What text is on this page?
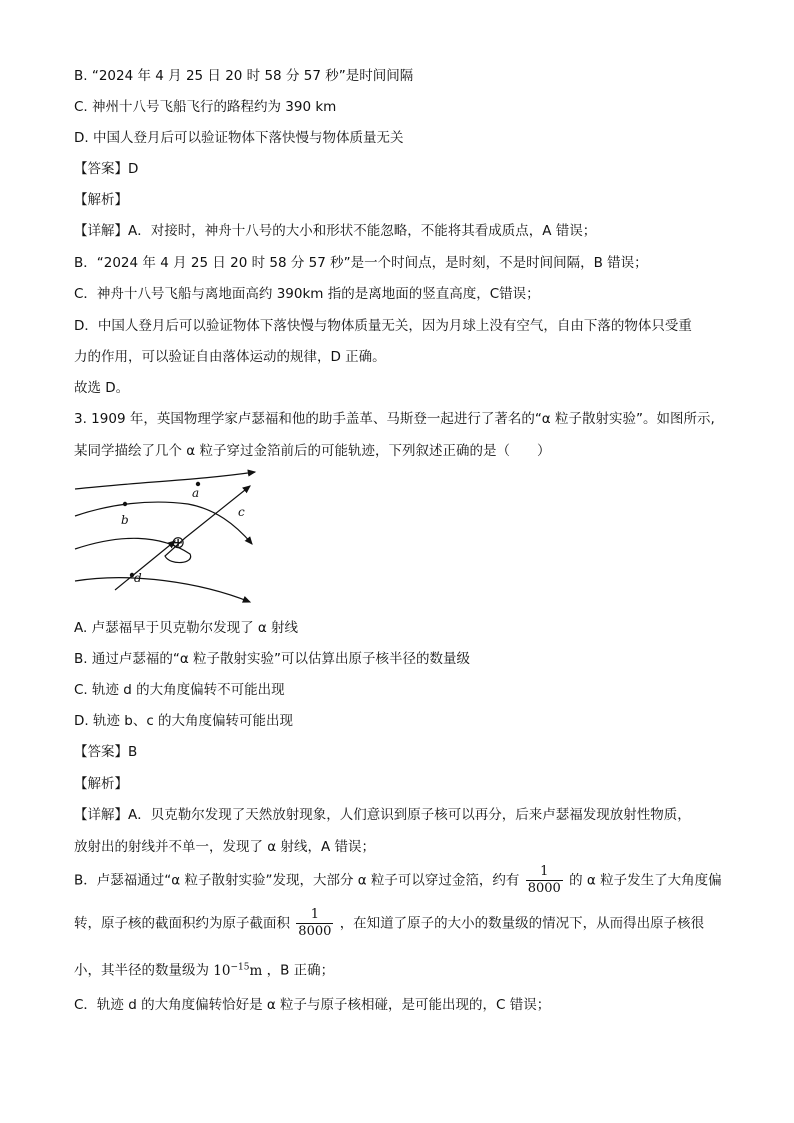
B. “2024 年 4 月 25 日 20 时 58 分 57 秒”是时间间隔
C. 神州十八号飞船飞行的路程约为 390 km
D. 中国人登月后可以验证物体下落快慢与物体质量无关
【答案】D
【解析】
【详解】A．对接时，神舟十八号的大小和形状不能忽略，不能将其看成质点，A 错误；
B．“2024 年 4 月 25 日 20 时 58 分 57 秒”是一个时间点，是时刻，不是时间间隔，B 错误；
C．神舟十八号飞船与离地面高约 390km 指的是离地面的竖直高度，C错误；
D．中国人登月后可以验证物体下落快慢与物体质量无关，因为月球上没有空气，自由下落的物体只受重
力的作用，可以验证自由落体运动的规律，D 正确。
故选 D。
3. 1909 年，英国物理学家卢瑟福和他的助手盖革、马斯登一起进行了著名的“α 粒子散射实验”。如图所示,
某同学描绘了几个 α 粒子穿过金箔前后的可能轨迹，下列叙述正确的是（　　）
a
b
c
d
⊕
A. 卢瑟福早于贝克勒尔发现了 α 射线
B. 通过卢瑟福的“α 粒子散射实验”可以估算出原子核半径的数量级
C. 轨迹 d 的大角度偏转不可能出现
D. 轨迹 b、c 的大角度偏转可能出现
【答案】B
【解析】
【详解】A．贝克勒尔发现了天然放射现象，人们意识到原子核可以再分，后来卢瑟福发现放射性物质，
放射出的射线并不单一，发现了 α 射线，A 错误；
B．卢瑟福通过“α 粒子散射实验”发现，大部分 α 粒子可以穿过金箔，约有 $\frac{1}{8000}$ 的 α 粒子发生了大角度偏
转，原子核的截面积约为原子截面积 $\frac{1}{8000}$ ，在知道了原子的大小的数量级的情况下，从而得出原子核很
小，其半径的数量级为 $10^{-15}m$ ，B 正确；
C．轨迹 d 的大角度偏转恰好是 α 粒子与原子核相碰，是可能出现的，C 错误；
